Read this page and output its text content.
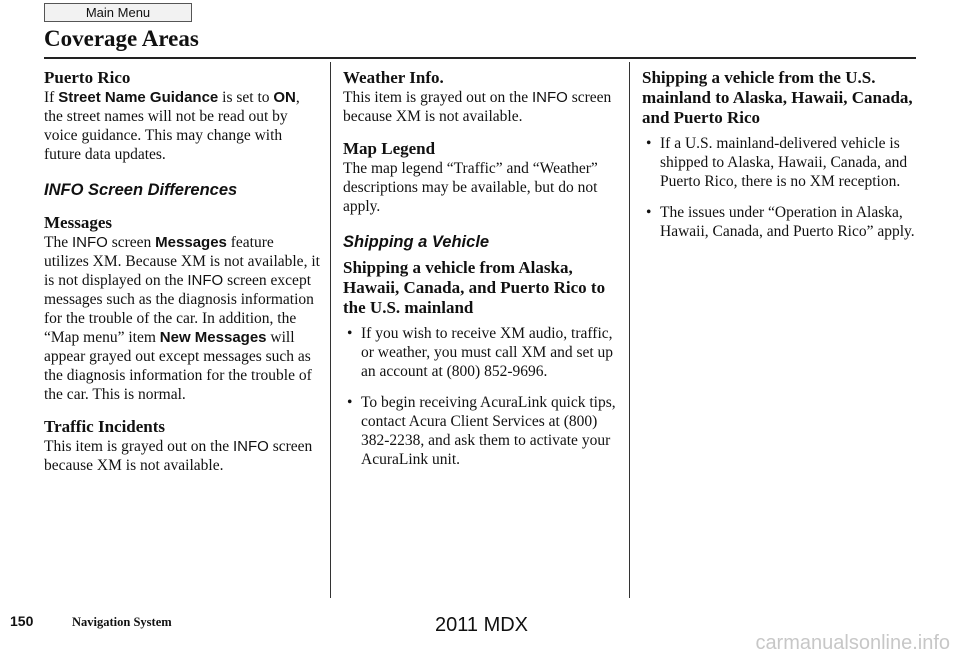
Main Menu
Coverage Areas

Puerto Rico

If Street Name Guidance is set to ON, the street names will not be read out by voice guidance. This may change with future data updates.

INFO Screen Differences

Messages

The INFO screen Messages feature utilizes XM. Because XM is not available, it is not displayed on the INFO screen except messages such as the diagnosis information for the trouble of the car. In addition, the “Map menu” item New Messages will appear grayed out except messages such as the diagnosis information for the trouble of the car. This is normal.

Traffic Incidents

This item is grayed out on the INFO screen because XM is not available.

Weather Info.

This item is grayed out on the INFO screen because XM is not available.

Map Legend

The map legend “Traffic” and “Weather” descriptions may be available, but do not apply.

Shipping a Vehicle

Shipping a vehicle from Alaska, Hawaii, Canada, and Puerto Rico to the U.S. mainland

• If you wish to receive XM audio, traffic, or weather, you must call XM and set up an account at (800) 852-9696.
• To begin receiving AcuraLink quick tips, contact Acura Client Services at (800) 382-2238, and ask them to activate your AcuraLink unit.

Shipping a vehicle from the U.S. mainland to Alaska, Hawaii, Canada, and Puerto Rico

• If a U.S. mainland-delivered vehicle is shipped to Alaska, Hawaii, Canada, and Puerto Rico, there is no XM reception.
• The issues under “Operation in Alaska, Hawaii, Canada, and Puerto Rico” apply.
150	Navigation System	2011 MDX
carmanualsonline.info
